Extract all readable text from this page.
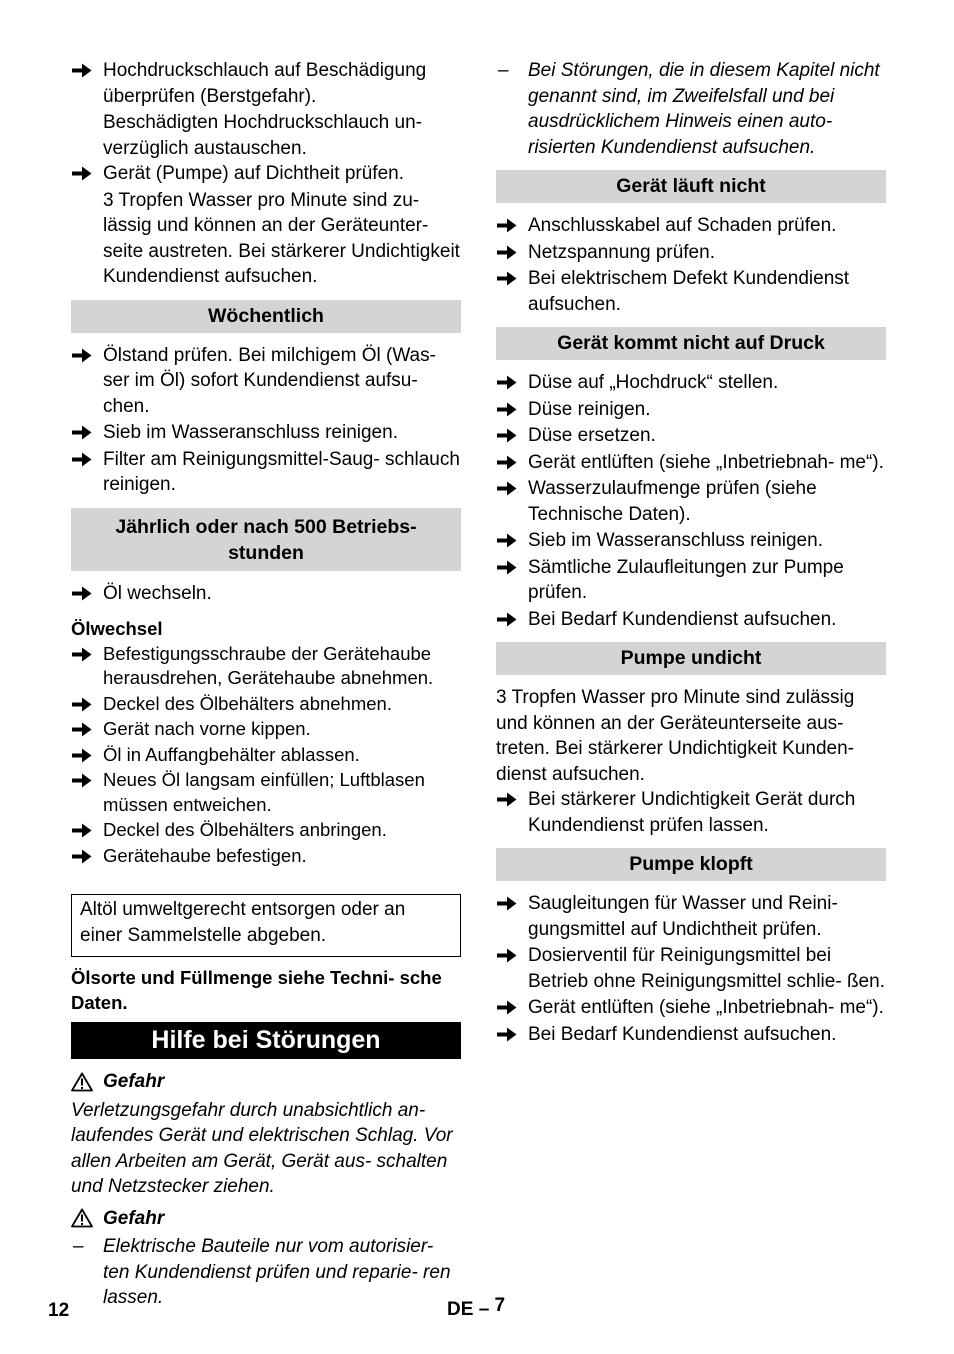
Hochdruckschlauch auf Beschädigung überprüfen (Berstgefahr).
Beschädigten Hochdruckschlauch un- verzüglich austauschen.
Gerät (Pumpe) auf Dichtheit prüfen.
3 Tropfen Wasser pro Minute sind zu- lässig und können an der Geräteunter- seite austreten. Bei stärkerer Undichtigkeit Kundendienst aufsuchen.
Wöchentlich
Ölstand prüfen. Bei milchigem Öl (Was- ser im Öl) sofort Kundendienst aufsu- chen.
Sieb im Wasseranschluss reinigen.
Filter am Reinigungsmittel-Saug- schlauch reinigen.
Jährlich oder nach 500 Betriebs- stunden
Öl wechseln.
Ölwechsel
Befestigungsschraube der Gerätehaube herausdrehen, Gerätehaube abnehmen.
Deckel des Ölbehälters abnehmen.
Gerät nach vorne kippen.
Öl in Auffangbehälter ablassen.
Neues Öl langsam einfüllen; Luftblasen müssen entweichen.
Deckel des Ölbehälters anbringen.
Gerätehaube befestigen.
Altöl umweltgerecht entsorgen oder an einer Sammelstelle abgeben.
Ölsorte und Füllmenge siehe Techni- sche Daten.
Hilfe bei Störungen
Gefahr
Verletzungsgefahr durch unabsichtlich an- laufendes Gerät und elektrischen Schlag. Vor allen Arbeiten am Gerät, Gerät aus- schalten und Netzstecker ziehen.
Gefahr
– Elektrische Bauteile nur vom autorisier- ten Kundendienst prüfen und reparie- ren lassen.
– Bei Störungen, die in diesem Kapitel nicht genannt sind, im Zweifelsfall und bei ausdrücklichem Hinweis einen auto- risierten Kundendienst aufsuchen.
Gerät läuft nicht
Anschlusskabel auf Schaden prüfen.
Netzspannung prüfen.
Bei elektrischem Defekt Kundendienst aufsuchen.
Gerät kommt nicht auf Druck
Düse auf „Hochdruck“ stellen.
Düse reinigen.
Düse ersetzen.
Gerät entlüften (siehe „Inbetriebnah- me“).
Wasserzulaufmenge prüfen (siehe Technische Daten).
Sieb im Wasseranschluss reinigen.
Sämtliche Zulaufleitungen zur Pumpe prüfen.
Bei Bedarf Kundendienst aufsuchen.
Pumpe undicht
3 Tropfen Wasser pro Minute sind zulässig und können an der Geräteunterseite aus- treten. Bei stärkerer Undichtigkeit Kunden- dienst aufsuchen.
Bei stärkerer Undichtigkeit Gerät durch Kundendienst prüfen lassen.
Pumpe klopft
Saugleitungen für Wasser und Reini- gungsmittel auf Undichtheit prüfen.
Dosierventil für Reinigungsmittel bei Betrieb ohne Reinigungsmittel schlie- ßen.
Gerät entlüften (siehe „Inbetriebnah- me“).
Bei Bedarf Kundendienst aufsuchen.
12	DE – 7
